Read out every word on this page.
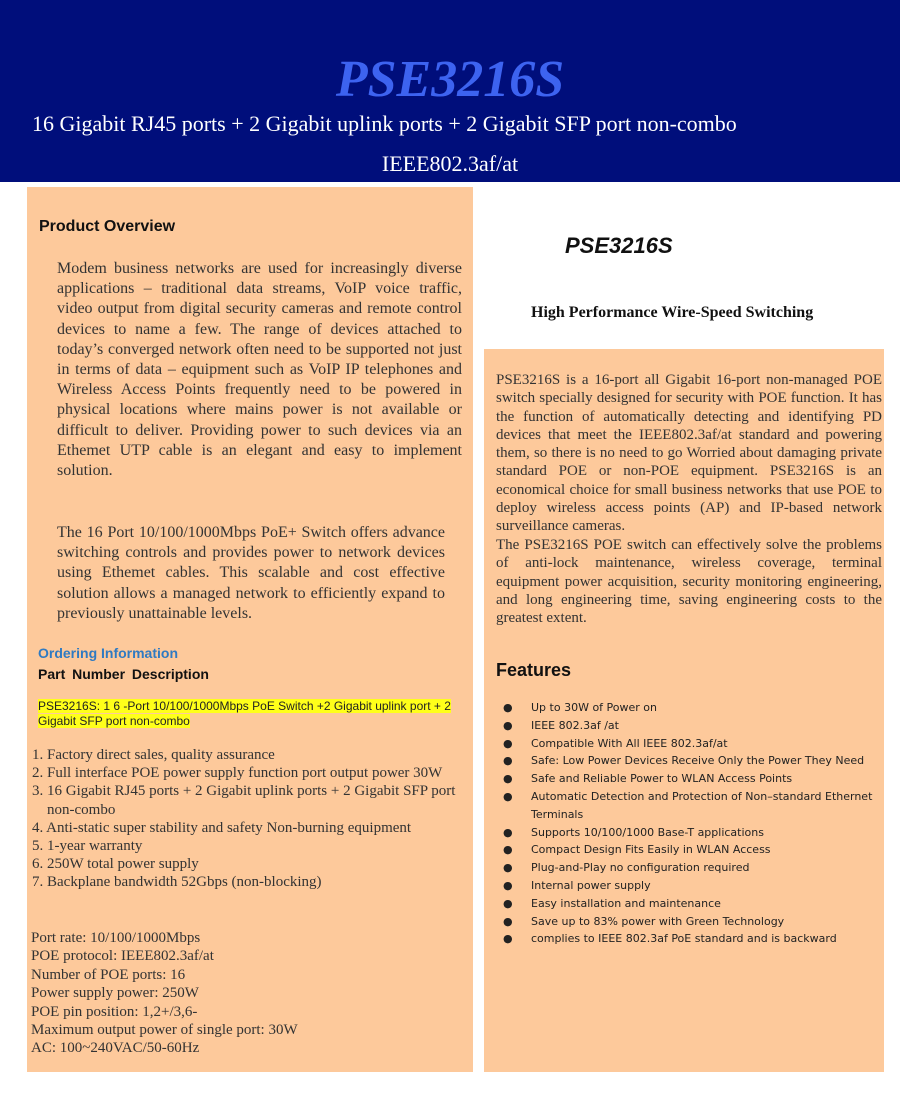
PSE3216S
16 Gigabit RJ45 ports + 2 Gigabit uplink ports + 2 Gigabit SFP port non-combo
IEEE802.3af/at
Product Overview

Modem business networks are used for increasingly diverse applications – traditional data streams, VoIP voice traffic, video output from digital security cameras and remote control devices to name a few. The range of devices attached to today’s converged network often need to be supported not just in terms of data – equipment such as VoIP IP telephones and Wireless Access Points frequently need to be powered in physical locations where mains power is not available or difficult to deliver. Providing power to such devices via an Ethemet UTP cable is an elegant and easy to implement solution.

The 16 Port 10/100/1000Mbps PoE+ Switch offers advance switching controls and provides power to network devices using Ethemet cables. This scalable and cost effective solution allows a managed network to efficiently expand to previously unattainable levels.

Ordering Information
Part Number Description
PSE3216S: 1 6 -Port 10/100/1000Mbps PoE Switch +2 Gigabit uplink port + 2 Gigabit SFP port non-combo
1. Factory direct sales, quality assurance
2. Full interface POE power supply function port output power 30W
3. 16 Gigabit RJ45 ports + 2 Gigabit uplink ports + 2 Gigabit SFP port non-combo
4. Anti-static super stability and safety Non-burning equipment
5. 1-year warranty
6. 250W total power supply
7. Backplane bandwidth 52Gbps (non-blocking)
Port rate: 10/100/1000Mbps
POE protocol: IEEE802.3af/at
Number of POE ports: 16
Power supply power: 250W
POE pin position: 1,2+/3,6-
Maximum output power of single port: 30W
AC: 100~240VAC/50-60Hz
PSE3216S
High Performance Wire-Speed Switching

PSE3216S is a 16-port all Gigabit 16-port non-managed POE switch specially designed for security with POE function. It has the function of automatically detecting and identifying PD devices that meet the IEEE802.3af/at standard and powering them, so there is no need to go Worried about damaging private standard POE or non-POE equipment. PSE3216S is an economical choice for small business networks that use POE to deploy wireless access points (AP) and IP-based network surveillance cameras.

The PSE3216S POE switch can effectively solve the problems of anti-lock maintenance, wireless coverage, terminal equipment power acquisition, security monitoring engineering, and long engineering time, saving engineering costs to the greatest extent.

Features
● Up to 30W of Power on
● IEEE 802.3af /at
● Compatible With All IEEE 802.3af/at
● Safe: Low Power Devices Receive Only the Power They Need
● Safe and Reliable Power to WLAN Access Points
● Automatic Detection and Protection of Non–standard Ethernet Terminals
● Supports 10/100/1000 Base-T applications
● Compact Design Fits Easily in WLAN Access
● Plug-and-Play no configuration required
● Internal power supply
● Easy installation and maintenance
● Save up to 83% power with Green Technology
● complies to IEEE 802.3af PoE standard and is backward
